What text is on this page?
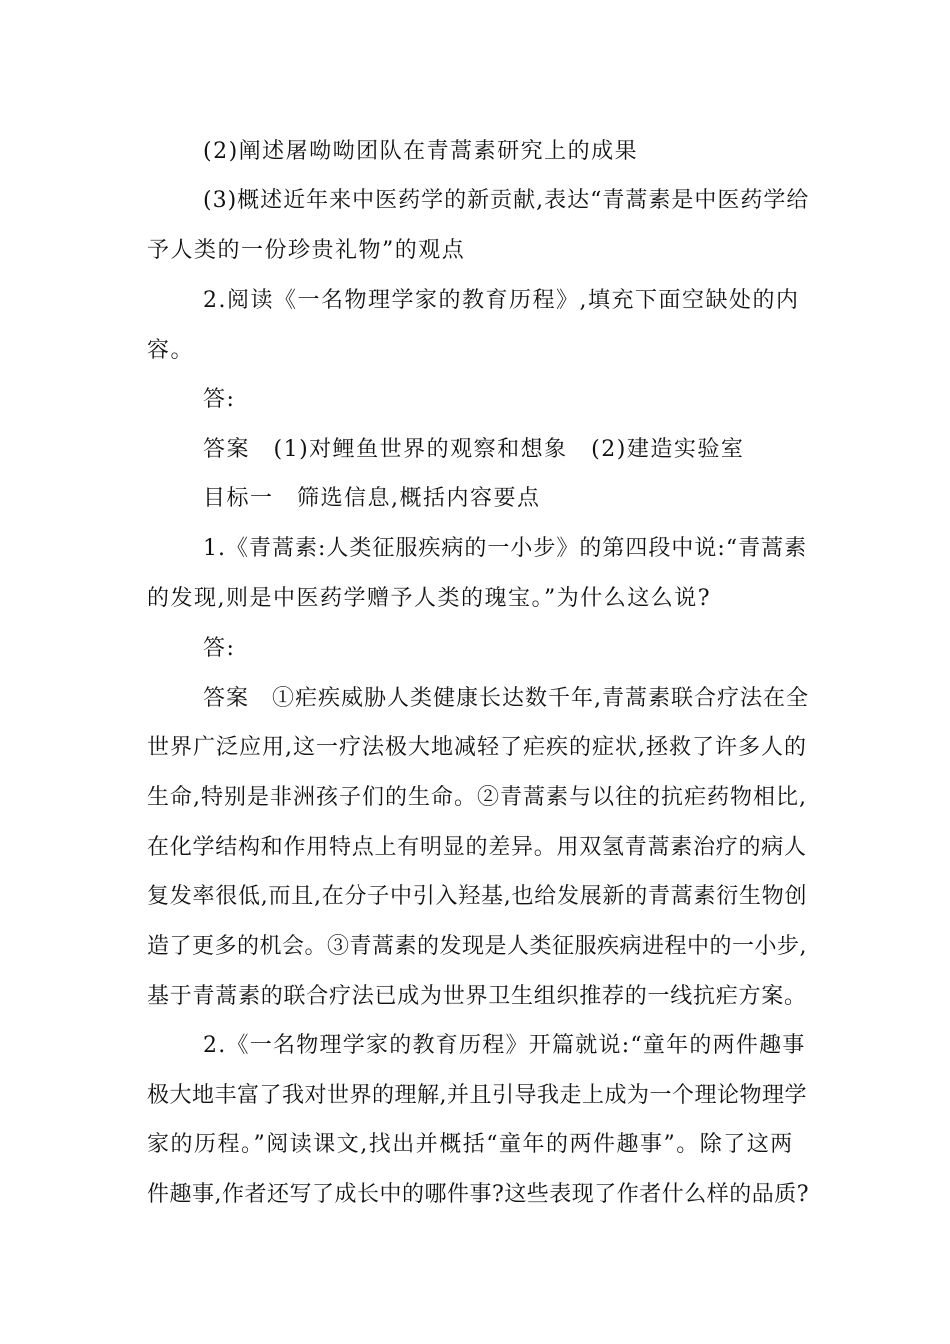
(2)阐述屠呦呦团队在青蒿素研究上的成果

(3)概述近年来中医药学的新贡献,表达“青蒿素是中医药学给

予人类的一份珍贵礼物”的观点

2.阅读《一名物理学家的教育历程》,填充下面空缺处的内

容。

答:

答案　(1)对鲤鱼世界的观察和想象　(2)建造实验室

目标一　筛选信息,概括内容要点

1.《青蒿素:人类征服疾病的一小步》的第四段中说:“青蒿素

的发现,则是中医药学赠予人类的瑰宝。”为什么这么说?

答:

答案　①疟疾威胁人类健康长达数千年,青蒿素联合疗法在全

世界广泛应用,这一疗法极大地减轻了疟疾的症状,拯救了许多人的

生命,特别是非洲孩子们的生命。②青蒿素与以往的抗疟药物相比,

在化学结构和作用特点上有明显的差异。用双氢青蒿素治疗的病人

复发率很低,而且,在分子中引入羟基,也给发展新的青蒿素衍生物创

造了更多的机会。③青蒿素的发现是人类征服疾病进程中的一小步,

基于青蒿素的联合疗法已成为世界卫生组织推荐的一线抗疟方案。

2.《一名物理学家的教育历程》开篇就说:“童年的两件趣事

极大地丰富了我对世界的理解,并且引导我走上成为一个理论物理学

家的历程。”阅读课文,找出并概括“童年的两件趣事”。除了这两

件趣事,作者还写了成长中的哪件事?这些表现了作者什么样的品质?
